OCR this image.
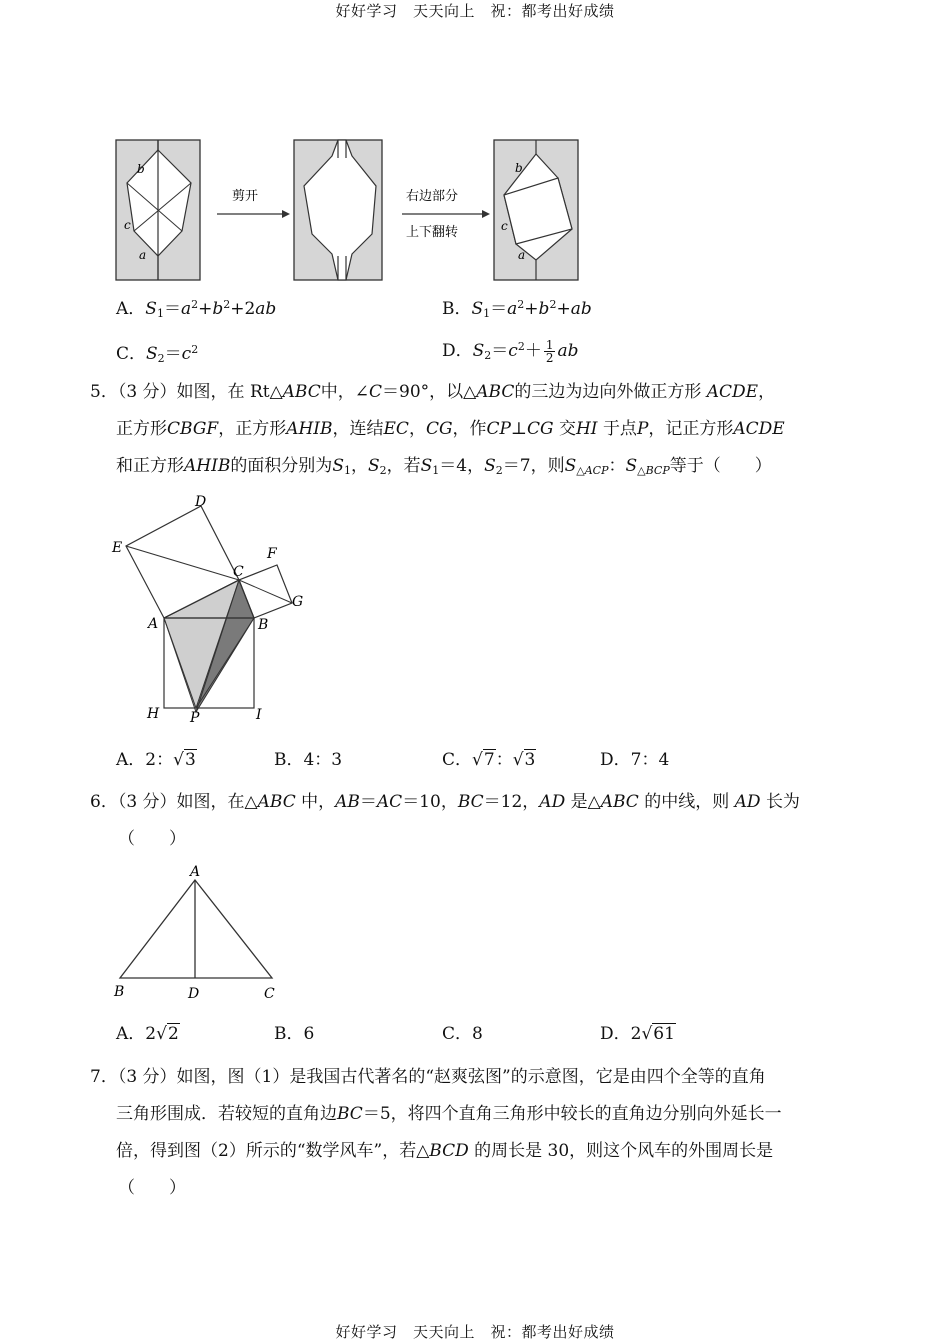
好好学习　天天向上　祝：都考出好成绩
b
c
a
剪开	右边部分
上下翻转
b
c
a
A．$S_1=a^2+b^2+2ab$	B．$S_1=a^2+b^2+ab$
C．$S_2=c^2$	D．$S_2=c^2+ \frac{1}{2}$ ab
5．（3 分）如图，在 Rt△ABC中，∠C＝90°，以△ABC的三边为边向外做正方形 ACDE，
正方形CBGF，正方形AHIB，连结EC，CG，作CP⊥CG 交HI 于点P，记正方形ACDE
和正方形AHIB的面积分别为$S_1$，$S_2$，若$S_1=4$，$S_2=7$，则$S_{\triangle ACP}$：$S_{\triangle BCP}$等于（　　）
D
E
C
F
A	B
G
H P	I
A．2：√3	B．4：3	C．√7：√3	D．7：4
6．（3 分）如图，在△ABC 中，AB＝AC＝10，BC＝12，AD 是△ABC 的中线，则 AD 长为
（　　）
A
B	D	C
A．2√2	B．6	C．8	D．2√61
7．（3 分）如图，图（1）是我国古代著名的“赵爽弦图”的示意图，它是由四个全等的直角
三角形围成．若较短的直角边BC＝5，将四个直角三角形中较长的直角边分别向外延长一
倍，得到图（2）所示的“数学风车”，若△BCD 的周长是 30，则这个风车的外围周长是
（　　）
好好学习　天天向上　祝：都考出好成绩
